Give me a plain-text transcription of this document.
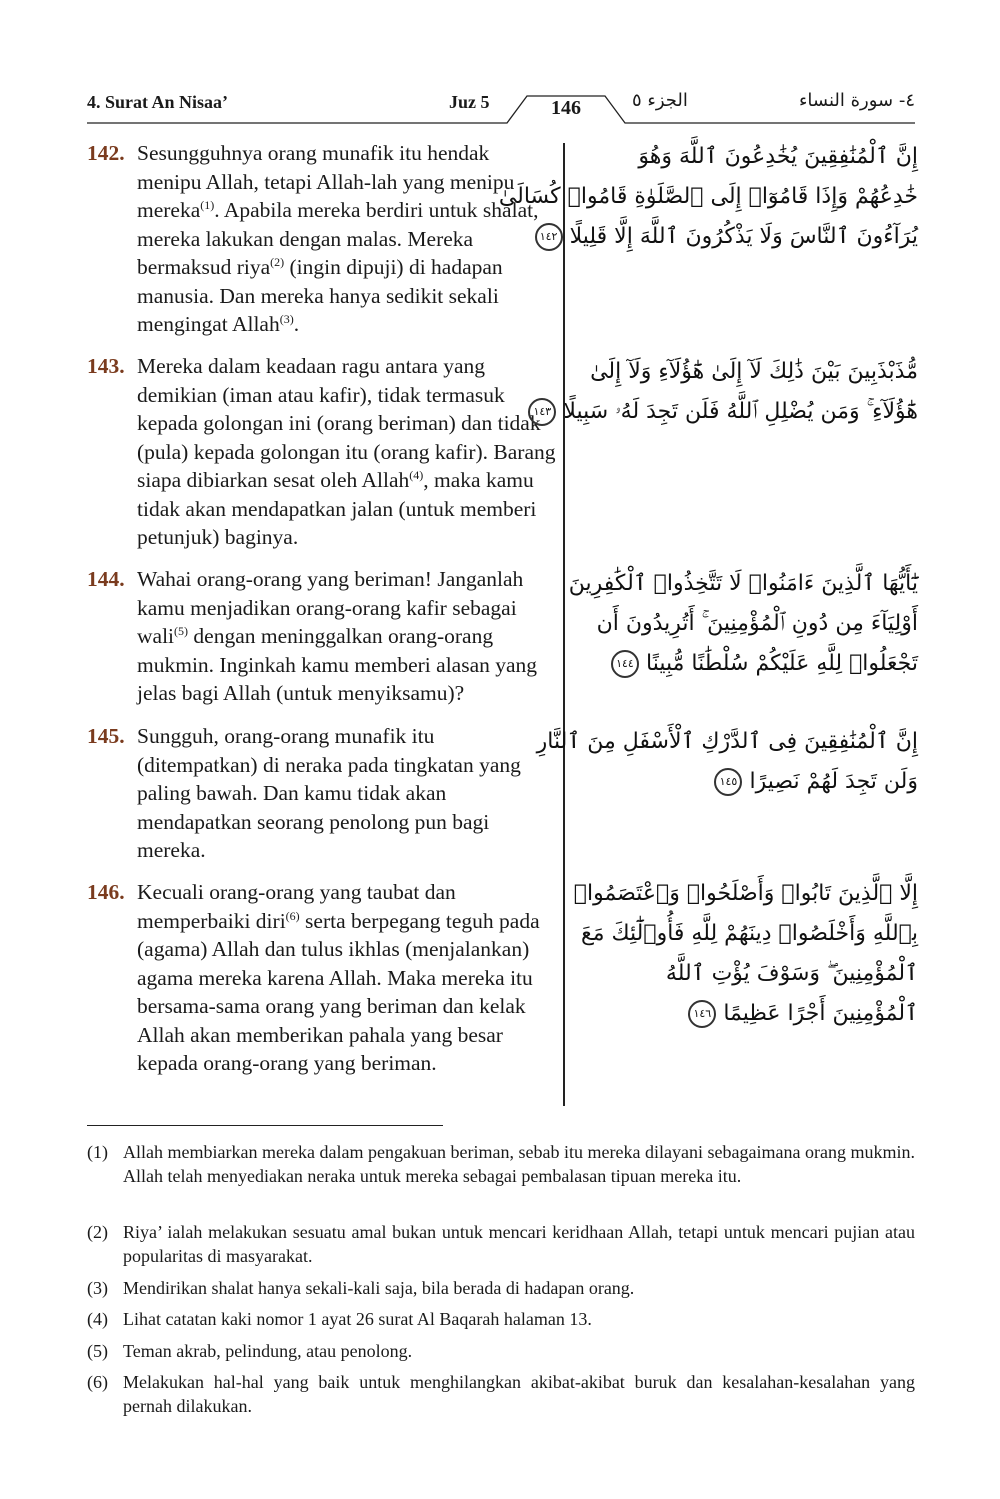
4. Surat An Nisaa’	Juz 5	146	الجزء ٥	٤- سورة النساء
142. Sesungguhnya orang munafik itu hendak menipu Allah, tetapi Allah-lah yang menipu mereka$^{(1)}$. Apabila mereka berdiri untuk shalat, mereka lakukan dengan malas. Mereka bermaksud riya$^{(2)}$ (ingin dipuji) di hadapan manusia. Dan mereka hanya sedikit sekali mengingat Allah$^{(3)}$.
143. Mereka dalam keadaan ragu antara yang demikian (iman atau kafir), tidak termasuk kepada golongan ini (orang beriman) dan tidak (pula) kepada golongan itu (orang kafir). Barang siapa dibiarkan sesat oleh Allah$^{(4)}$, maka kamu tidak akan mendapatkan jalan (untuk memberi petunjuk) baginya.
144. Wahai orang-orang yang beriman! Janganlah kamu menjadikan orang-orang kafir sebagai wali$^{(5)}$ dengan meninggalkan orang-orang mukmin. Inginkah kamu memberi alasan yang jelas bagi Allah (untuk menyiksamu)?
145. Sungguh, orang-orang munafik itu (ditempatkan) di neraka pada tingkatan yang paling bawah. Dan kamu tidak akan mendapatkan seorang penolong pun bagi mereka.
146. Kecuali orang-orang yang taubat dan memperbaiki diri$^{(6)}$ serta berpegang teguh pada (agama) Allah dan tulus ikhlas (menjalankan) agama mereka karena Allah. Maka mereka itu bersama-sama orang yang beriman dan kelak Allah akan memberikan pahala yang besar kepada orang-orang yang beriman.
إِنَّ ٱلْمُنَٰفِقِينَ يُخَٰدِعُونَ ٱللَّهَ وَهُوَ
خَٰدِعُهُمْ وَإِذَا قَامُوٓا۟ إِلَى ٱلصَّلَوٰةِ قَامُوا۟ كُسَالَىٰ
يُرَآءُونَ ٱلنَّاسَ وَلَا يَذْكُرُونَ ٱللَّهَ إِلَّا قَلِيلًا ١٤٢
مُّذَبْذَبِينَ بَيْنَ ذَٰلِكَ لَآ إِلَىٰ هَٰٓؤُلَآءِ وَلَآ إِلَىٰ
هَٰٓؤُلَآءِ ۚ وَمَن يُضْلِلِ ٱللَّهُ فَلَن تَجِدَ لَهُۥ سَبِيلًا ١٤٣
يَٰٓأَيُّهَا ٱلَّذِينَ ءَامَنُوا۟ لَا تَتَّخِذُوا۟ ٱلْكَٰفِرِينَ
أَوْلِيَآءَ مِن دُونِ ٱلْمُؤْمِنِينَ ۚ أَتُرِيدُونَ أَن
تَجْعَلُوا۟ لِلَّهِ عَلَيْكُمْ سُلْطَٰنًا مُّبِينًا ١٤٤
إِنَّ ٱلْمُنَٰفِقِينَ فِى ٱلدَّرْكِ ٱلْأَسْفَلِ مِنَ ٱلنَّارِ
وَلَن تَجِدَ لَهُمْ نَصِيرًا ١٤٥
إِلَّا ٱلَّذِينَ تَابُوا۟ وَأَصْلَحُوا۟ وَٱعْتَصَمُوا۟
بِٱللَّهِ وَأَخْلَصُوا۟ دِينَهُمْ لِلَّهِ فَأُو۟لَٰٓئِكَ مَعَ
ٱلْمُؤْمِنِينَ ۖ وَسَوْفَ يُؤْتِ ٱللَّهُ
ٱلْمُؤْمِنِينَ أَجْرًا عَظِيمًا ١٤٦
(1) Allah membiarkan mereka dalam pengakuan beriman, sebab itu mereka dilayani sebagaimana orang mukmin. Allah telah menyediakan neraka untuk mereka sebagai pembalasan tipuan mereka itu.
(2) Riya’ ialah melakukan sesuatu amal bukan untuk mencari keridhaan Allah, tetapi untuk mencari pujian atau popularitas di masyarakat.
(3) Mendirikan shalat hanya sekali-kali saja, bila berada di hadapan orang.
(4) Lihat catatan kaki nomor 1 ayat 26 surat Al Baqarah halaman 13.
(5) Teman akrab, pelindung, atau penolong.
(6) Melakukan hal-hal yang baik untuk menghilangkan akibat-akibat buruk dan kesalahan-kesalahan yang pernah dilakukan.
